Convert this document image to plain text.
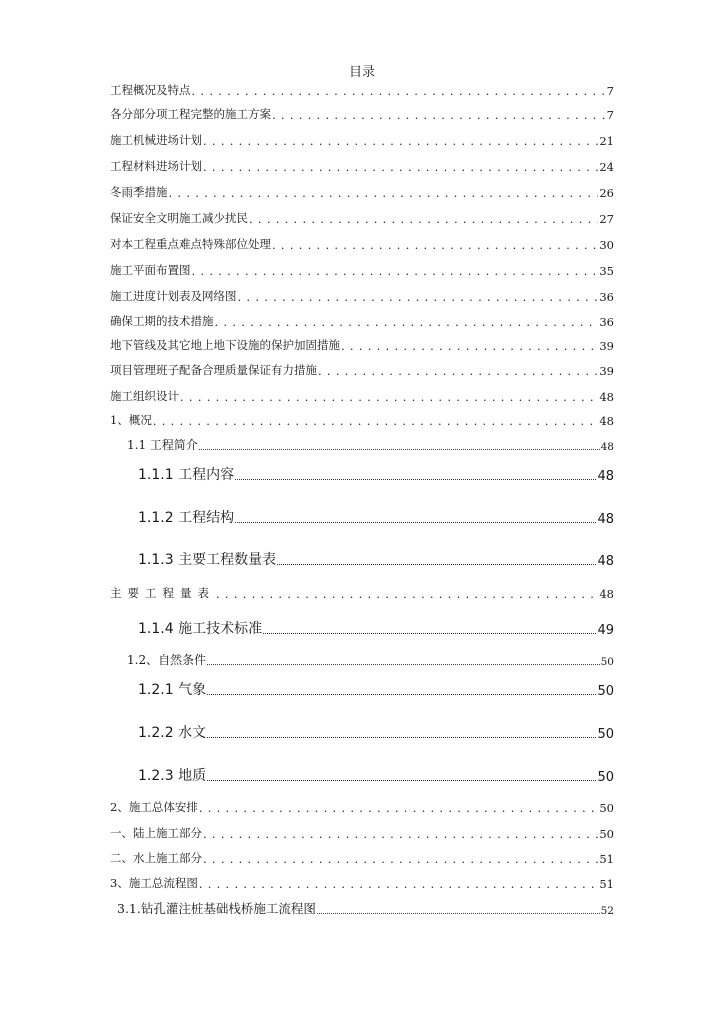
目录
工程概况及特点 . . .	7
各分部分项工程完整的施工方案 . . .	7
施工机械进场计划 . . .	21
工程材料进场计划 . . .	24
冬雨季措施 . . .	26
保证安全文明施工减少扰民 . . .	27
对本工程重点难点特殊部位处理 . . .	30
施工平面布置图 . . .	35
施工进度计划表及网络图 . . .	36
确保工期的技术措施 . . .	36
地下管线及其它地上地下设施的保护加固措施 . . .	39
项目管理班子配备合理质量保证有力措施 . . .	39
施工组织设计 . . .	48
1、概况 . . .	48
1.1 工程简介	48
1.1.1 工程内容	48
1.1.2 工程结构	48
1.1.3 主要工程数量表	48
主要工程量表 . . .	48
1.1.4 施工技术标准	49
1.2、自然条件	50
1.2.1 气象	50
1.2.2 水文	50
1.2.3 地质	50
2、施工总体安排 . . .	50
一、陆上施工部分 . . .	50
二、水上施工部分 . . .	51
3、施工总流程图 . . .	51
3.1.钻孔灌注桩基础栈桥施工流程图	52
